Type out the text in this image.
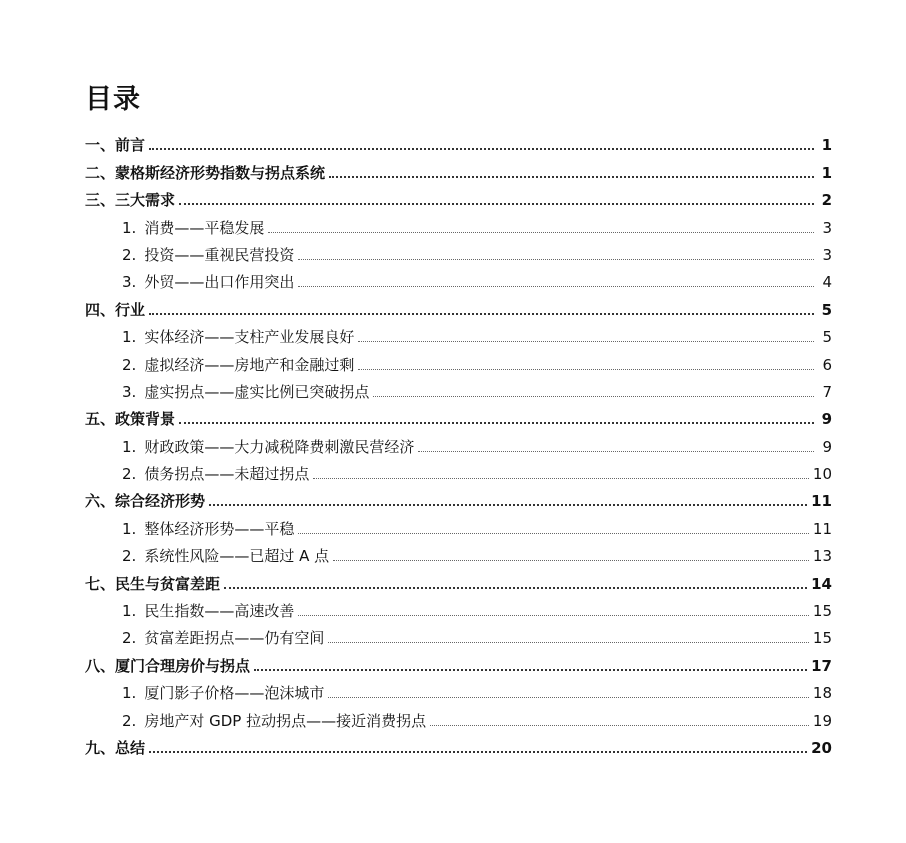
目录
一、前言	1
二、蒙格斯经济形势指数与拐点系统	1
三、三大需求	2
1. 消费——平稳发展	3
2. 投资——重视民营投资	3
3. 外贸——出口作用突出	4
四、行业	5
1. 实体经济——支柱产业发展良好	5
2. 虚拟经济——房地产和金融过剩	6
3. 虚实拐点——虚实比例已突破拐点	7
五、政策背景	9
1. 财政政策——大力减税降费刺激民营经济	9
2. 债务拐点——未超过拐点	10
六、综合经济形势	11
1. 整体经济形势——平稳	11
2. 系统性风险——已超过 A 点	13
七、民生与贫富差距	14
1. 民生指数——高速改善	15
2. 贫富差距拐点——仍有空间	15
八、厦门合理房价与拐点	17
1. 厦门影子价格——泡沫城市	18
2. 房地产对 GDP 拉动拐点——接近消费拐点	19
九、总结	20
